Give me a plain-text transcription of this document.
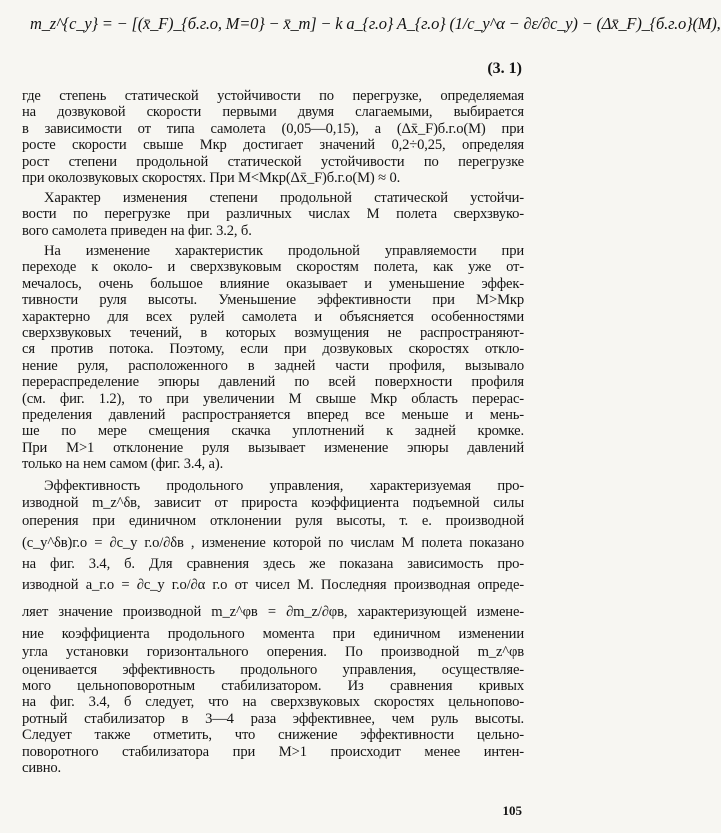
m_z^{c_y} = − [(x̄_F)_{б.г.о, M=0} − x̄_т] − k a_{г.о} A_{г.о} (1/c_y^α − ∂ε/∂c_y) − (Δx̄_F)_{б.г.о}(M),
(3. 1)

где степень статической устойчивости по перегрузке, определяемая
на дозвуковой скорости первыми двумя слагаемыми, выбирается
в зависимости от типа самолета (0,05—0,15), а (Δx̄_F)б.г.о(M) при
росте скорости свыше Mкр достигает значений 0,2÷0,25, определяя
рост степени продольной статической устойчивости по перегрузке
при околозвуковых скоростях. При M<Mкр(Δx̄_F)б.г.о(M) ≈ 0.

Характер изменения степени продольной статической устойчи-
вости по перегрузке при различных числах М полета сверхзвуко-
вого самолета приведен на фиг. 3.2, б.

На изменение характеристик продольной управляемости при
переходе к около- и сверхзвуковым скоростям полета, как уже от-
мечалось, очень большое влияние оказывает и уменьшение эффек-
тивности руля высоты. Уменьшение эффективности при M>Mкр
характерно для всех рулей самолета и объясняется особенностями
сверхзвуковых течений, в которых возмущения не распространяют-
ся против потока. Поэтому, если при дозвуковых скоростях откло-
нение руля, расположенного в задней части профиля, вызывало
перераспределение эпюры давлений по всей поверхности профиля
(см. фиг. 1.2), то при увеличении М свыше Mкр область перерас-
пределения давлений распространяется вперед все меньше и мень-
ше по мере смещения скачка уплотнений к задней кромке.
При M>1 отклонение руля вызывает изменение эпюры давлений
только на нем самом (фиг. 3.4, а).

Эффективность продольного управления, характеризуемая про-
изводной m_z^δв, зависит от прироста коэффициента подъемной силы
оперения при единичном отклонении руля высоты, т. е. производной
(c_y^δв)г.о = ∂c_y г.о/∂δв , изменение которой по числам М полета показано
на фиг. 3.4, б. Для сравнения здесь же показана зависимость про-
изводной a_г.о = ∂c_y г.о/∂α г.о от чисел М. Последняя производная опреде-
ляет значение производной m_z^φв = ∂m_z/∂φв, характеризующей измене-
ние коэффициента продольного момента при единичном изменении
угла установки горизонтального оперения. По производной m_z^φв
оценивается эффективность продольного управления, осуществляе-
мого цельноповоротным стабилизатором. Из сравнения кривых
на фиг. 3.4, б следует, что на сверхзвуковых скоростях цельнопово-
ротный стабилизатор в 3—4 раза эффективнее, чем руль высоты.
Следует также отметить, что снижение эффективности цельно-
поворотного стабилизатора при M>1 происходит менее интен-
сивно.

105
